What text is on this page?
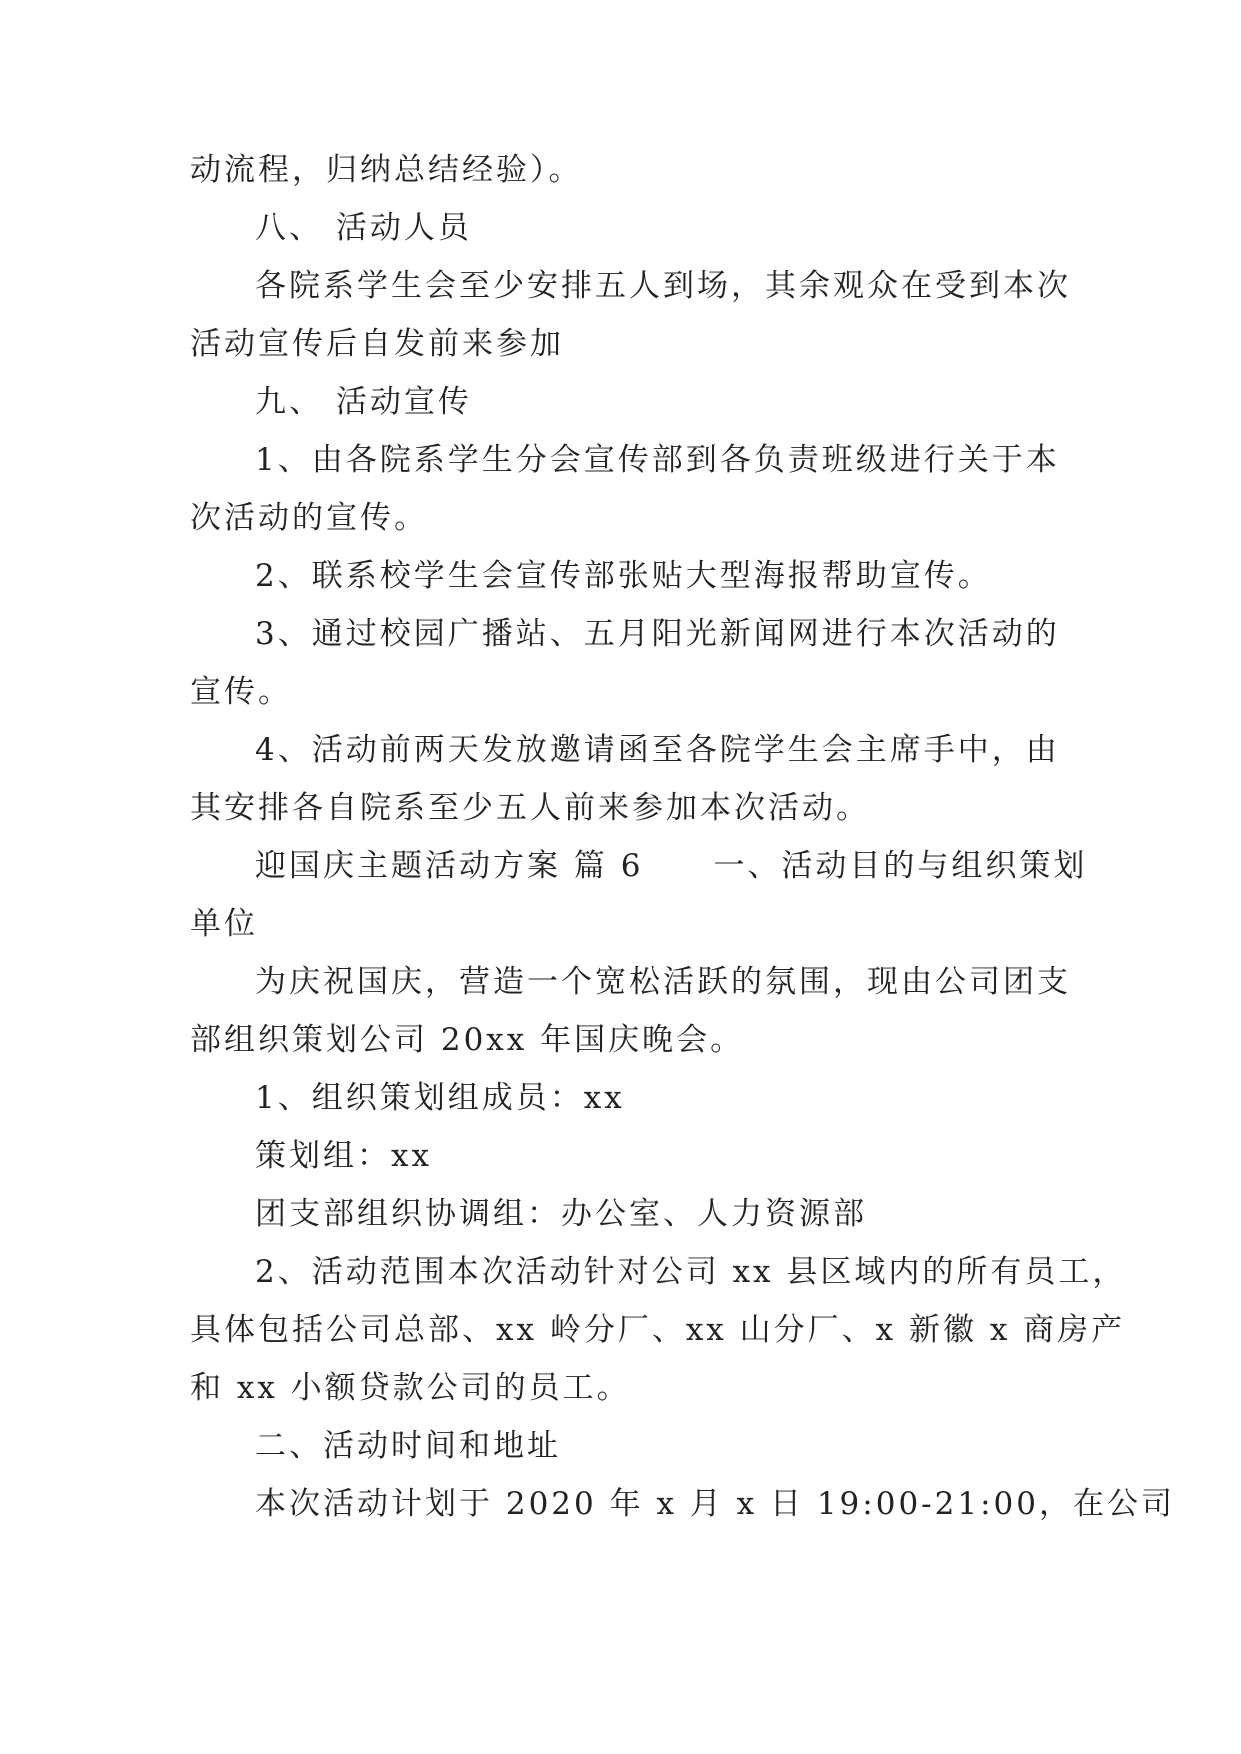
动流程，归纳总结经验）。
八、 活动人员
各院系学生会至少安排五人到场，其余观众在受到本次
活动宣传后自发前来参加
九、 活动宣传
1、由各院系学生分会宣传部到各负责班级进行关于本
次活动的宣传。
2、联系校学生会宣传部张贴大型海报帮助宣传。
3、通过校园广播站、五月阳光新闻网进行本次活动的
宣传。
4、活动前两天发放邀请函至各院学生会主席手中，由
其安排各自院系至少五人前来参加本次活动。
迎国庆主题活动方案 篇 6 一、活动目的与组织策划
单位
为庆祝国庆，营造一个宽松活跃的氛围，现由公司团支
部组织策划公司 20xx 年国庆晚会。
1、组织策划组成员：xx
策划组：xx
团支部组织协调组：办公室、人力资源部
2、活动范围本次活动针对公司 xx 县区域内的所有员工，
具体包括公司总部、xx 岭分厂、xx 山分厂、x 新徽 x 商房产
和 xx 小额贷款公司的员工。
二、活动时间和地址
本次活动计划于 2020 年 x 月 x 日 19:00-21:00，在公司
